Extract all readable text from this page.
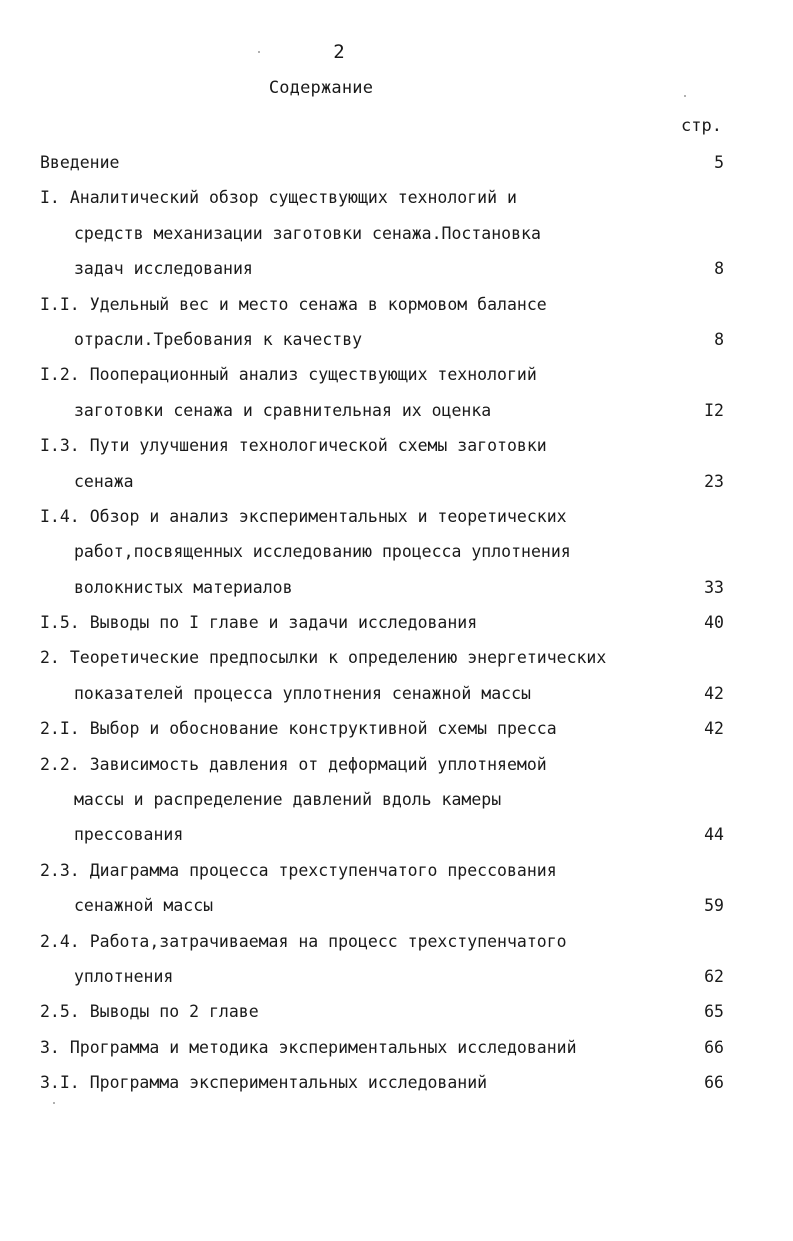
2
Содержание
стр.
Введение	5
I. Аналитический обзор существующих технологий и
средств механизации заготовки сенажа.Постановка
задач исследования	8
I.I. Удельный вес и место сенажа в кормовом балансе
отрасли.Требования к качеству	8
I.2. Пооперационный анализ существующих технологий
заготовки сенажа и сравнительная их оценка	I2
I.3. Пути улучшения технологической схемы заготовки
сенажа	23
I.4. Обзор и анализ экспериментальных и теоретических
работ,посвященных исследованию процесса уплотнения
волокнистых материалов	33
I.5. Выводы по I главе и задачи исследования	40
2. Теоретические предпосылки к определению энергетических
показателей процесса уплотнения сенажной массы	42
2.I. Выбор и обоснование конструктивной схемы пресса	42
2.2. Зависимость давления от деформаций уплотняемой
массы и распределение давлений вдоль камеры
прессования	44
2.3. Диаграмма процесса трехступенчатого прессования
сенажной массы	59
2.4. Работа,затрачиваемая на процесс трехступенчатого
уплотнения	62
2.5. Выводы по 2 главе	65
3. Программа и методика экспериментальных исследований	66
3.I. Программа экспериментальных исследований	66
